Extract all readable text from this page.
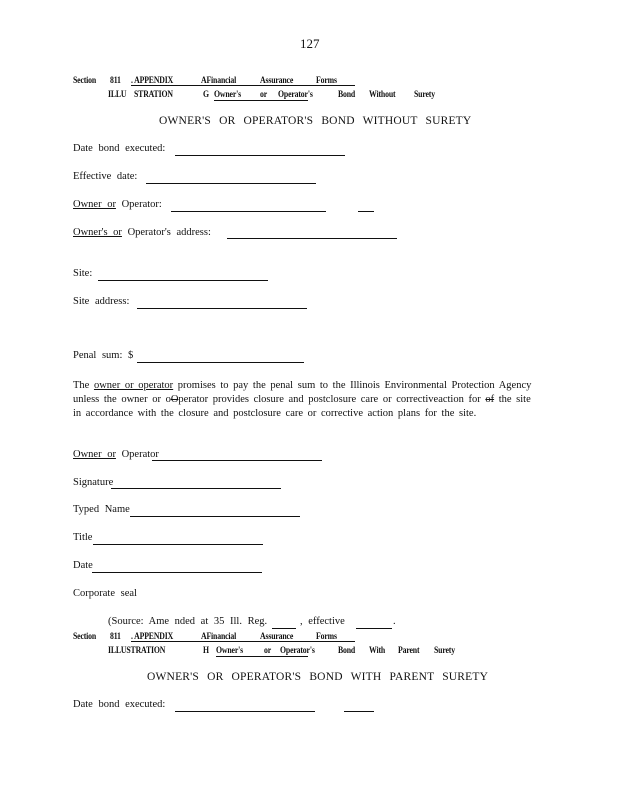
127
Section 811 . APPENDIX	AFinancial	Assurance Forms
ILLU STRATION	G Owner's or Operator's	Bond Without Surety
OWNER'S OR OPERATOR'S BOND WITHOUT SURETY
Date bond executed:
Effective date:
Owner or Operator:
Owner's or Operator's address:
Site:
Site address:
Penal sum: $
The owner or operator promises to pay the penal sum to the Illinois Environmental Protection Agency unless the owner or oOperator provides closure and postclosure care or correctiveaction for of the site in accordance with the closure and postclosure care or corrective action plans for the site.
Owner or Operator
Signature
Typed Name
Title
Date
Corporate seal
(Source: Ame nded at 35 Ill. Reg.	, effective	.
Section 811 . APPENDIX	AFinancial	Assurance Forms
ILLUSTRATION	H Owner's or Operator's Bond With Parent Surety
OWNER'S OR OPERATOR'S BOND WITH PARENT SURETY
Date bond executed:
